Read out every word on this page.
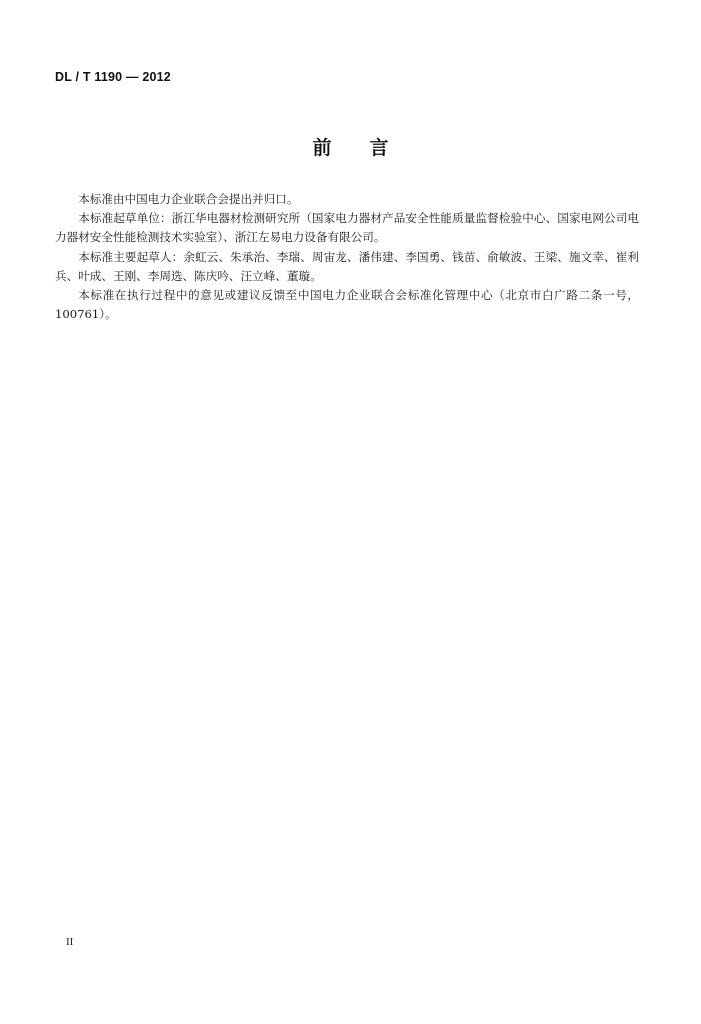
DL / T 1190 — 2012
前 言

本标准由中国电力企业联合会提出并归口。

本标准起草单位：浙江华电器材检测研究所（国家电力器材产品安全性能质量监督检验中心、国家电网公司电力器材安全性能检测技术实验室）、浙江左易电力设备有限公司。

本标准主要起草人：余虹云、朱承治、李瑞、周宙龙、潘伟建、李国勇、钱苗、俞敏波、王梁、施文幸、崔利兵、叶成、王刚、李周选、陈庆吟、汪立峰、董璇。

本标准在执行过程中的意见或建议反馈至中国电力企业联合会标准化管理中心（北京市白广路二条一号，100761）。

II
